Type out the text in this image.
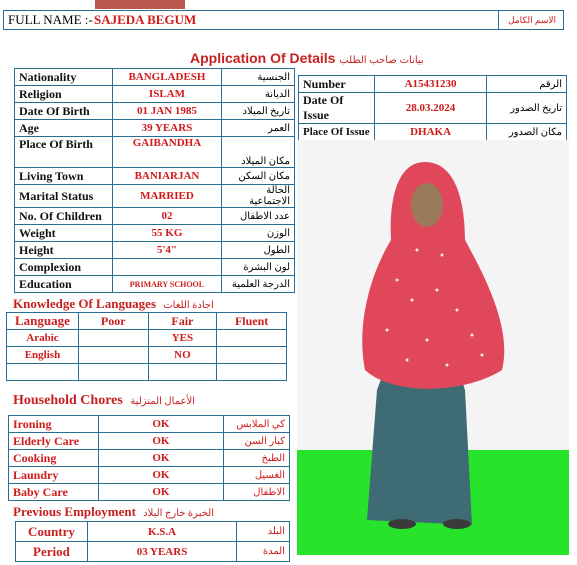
FULL NAME :- SAJEDA BEGUM	الاسم الكامل
Application Of Details بيانات صاحب الطلب
Nationality	BANGLADESH	الجنسية
Religion	ISLAM	الديانة
Date Of Birth	01 JAN 1985	تاريخ الميلاد
Age	39 YEARS	العمر
Place Of Birth	GAIBANDHA	مكان الميلاد
Living Town	BANIARJAN	مكان السكن
Marital Status	MARRIED	الحالة الاجتماعية
No. Of Children	02	عدد الاطفال
Weight	55 KG	الوزن
Height	5'4"	الطول
Complexion		لون البشرة
Education	PRIMARY SCHOOL	الدرجة العلمية
Number	A15431230	الرقم
Date Of Issue	28.03.2024	تاريخ الصدور
Place Of Issue	DHAKA	مكان الصدور

Knowledge Of Languages اجادة اللغات
Language	Poor	Fair	Fluent
Arabic		YES	
English		NO	

Household Chores الأعمال المنزلية
Ironing	OK	كي الملابس
Elderly Care	OK	كبار السن
Cooking	OK	الطبخ
Laundry	OK	الغسيل
Baby Care	OK	الاطفال
Previous Employment الخبرة خارج البلاد
Country	K.S.A	البلد
Period	03 YEARS	المدة
